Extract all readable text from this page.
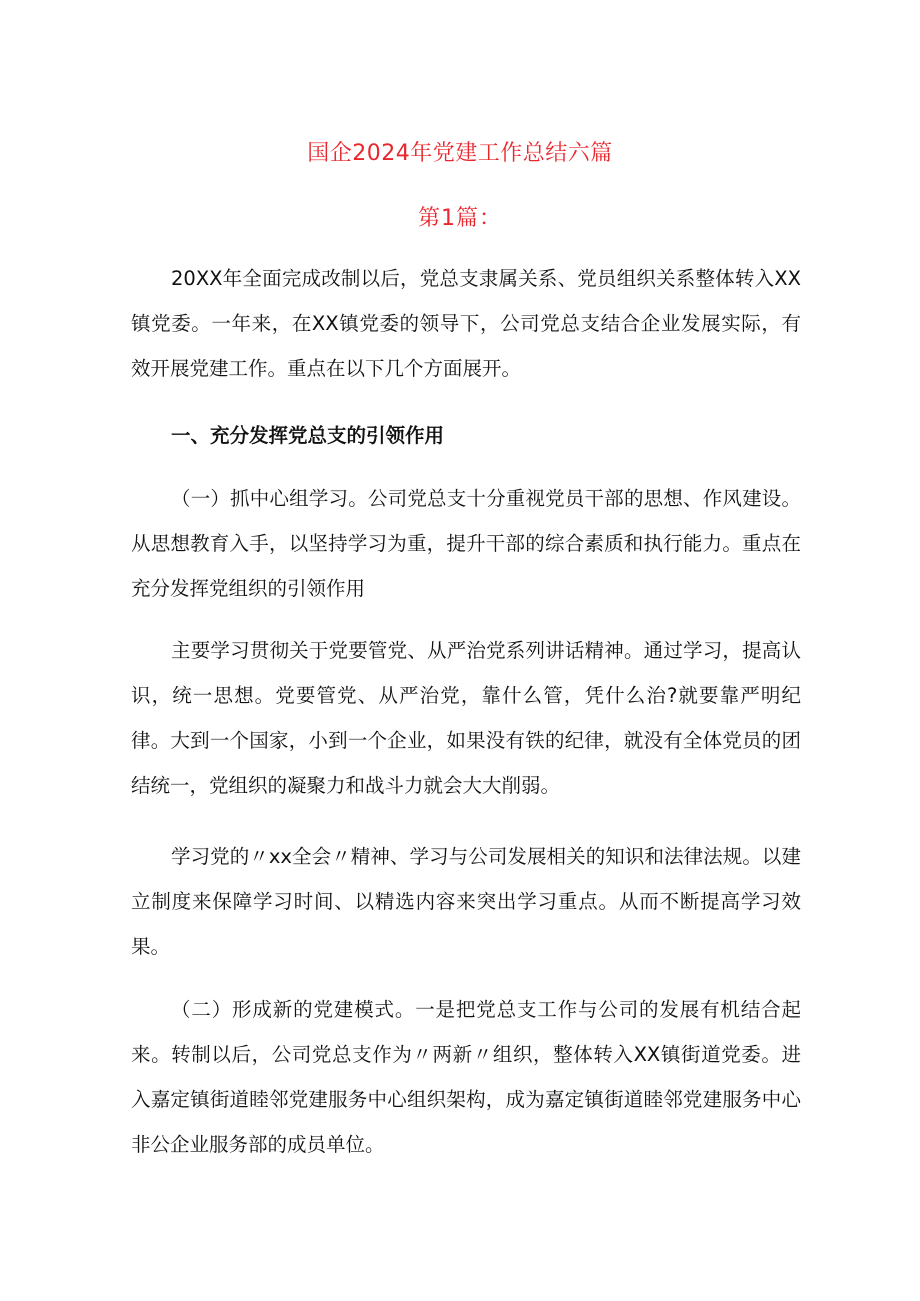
国企2024年党建工作总结六篇
第1篇：

20XX年全面完成改制以后，党总支隶属关系、党员组织关系整体转入XX镇党委。一年来，在XX镇党委的领导下，公司党总支结合企业发展实际，有效开展党建工作。重点在以下几个方面展开。

一、充分发挥党总支的引领作用

（一）抓中心组学习。公司党总支十分重视党员干部的思想、作风建设。从思想教育入手，以坚持学习为重，提升干部的综合素质和执行能力。重点在充分发挥党组织的引领作用

主要学习贯彻关于党要管党、从严治党系列讲话精神。通过学习，提高认识，统一思想。党要管党、从严治党，靠什么管，凭什么治?就要靠严明纪律。大到一个国家，小到一个企业，如果没有铁的纪律，就没有全体党员的团结统一，党组织的凝聚力和战斗力就会大大削弱。

学习党的〃xx全会〃精神、学习与公司发展相关的知识和法律法规。以建立制度来保障学习时间、以精选内容来突出学习重点。从而不断提高学习效果。

（二）形成新的党建模式。一是把党总支工作与公司的发展有机结合起来。转制以后，公司党总支作为〃两新〃组织，整体转入XX镇街道党委。进入嘉定镇街道睦邻党建服务中心组织架构，成为嘉定镇街道睦邻党建服务中心非公企业服务部的成员单位。
